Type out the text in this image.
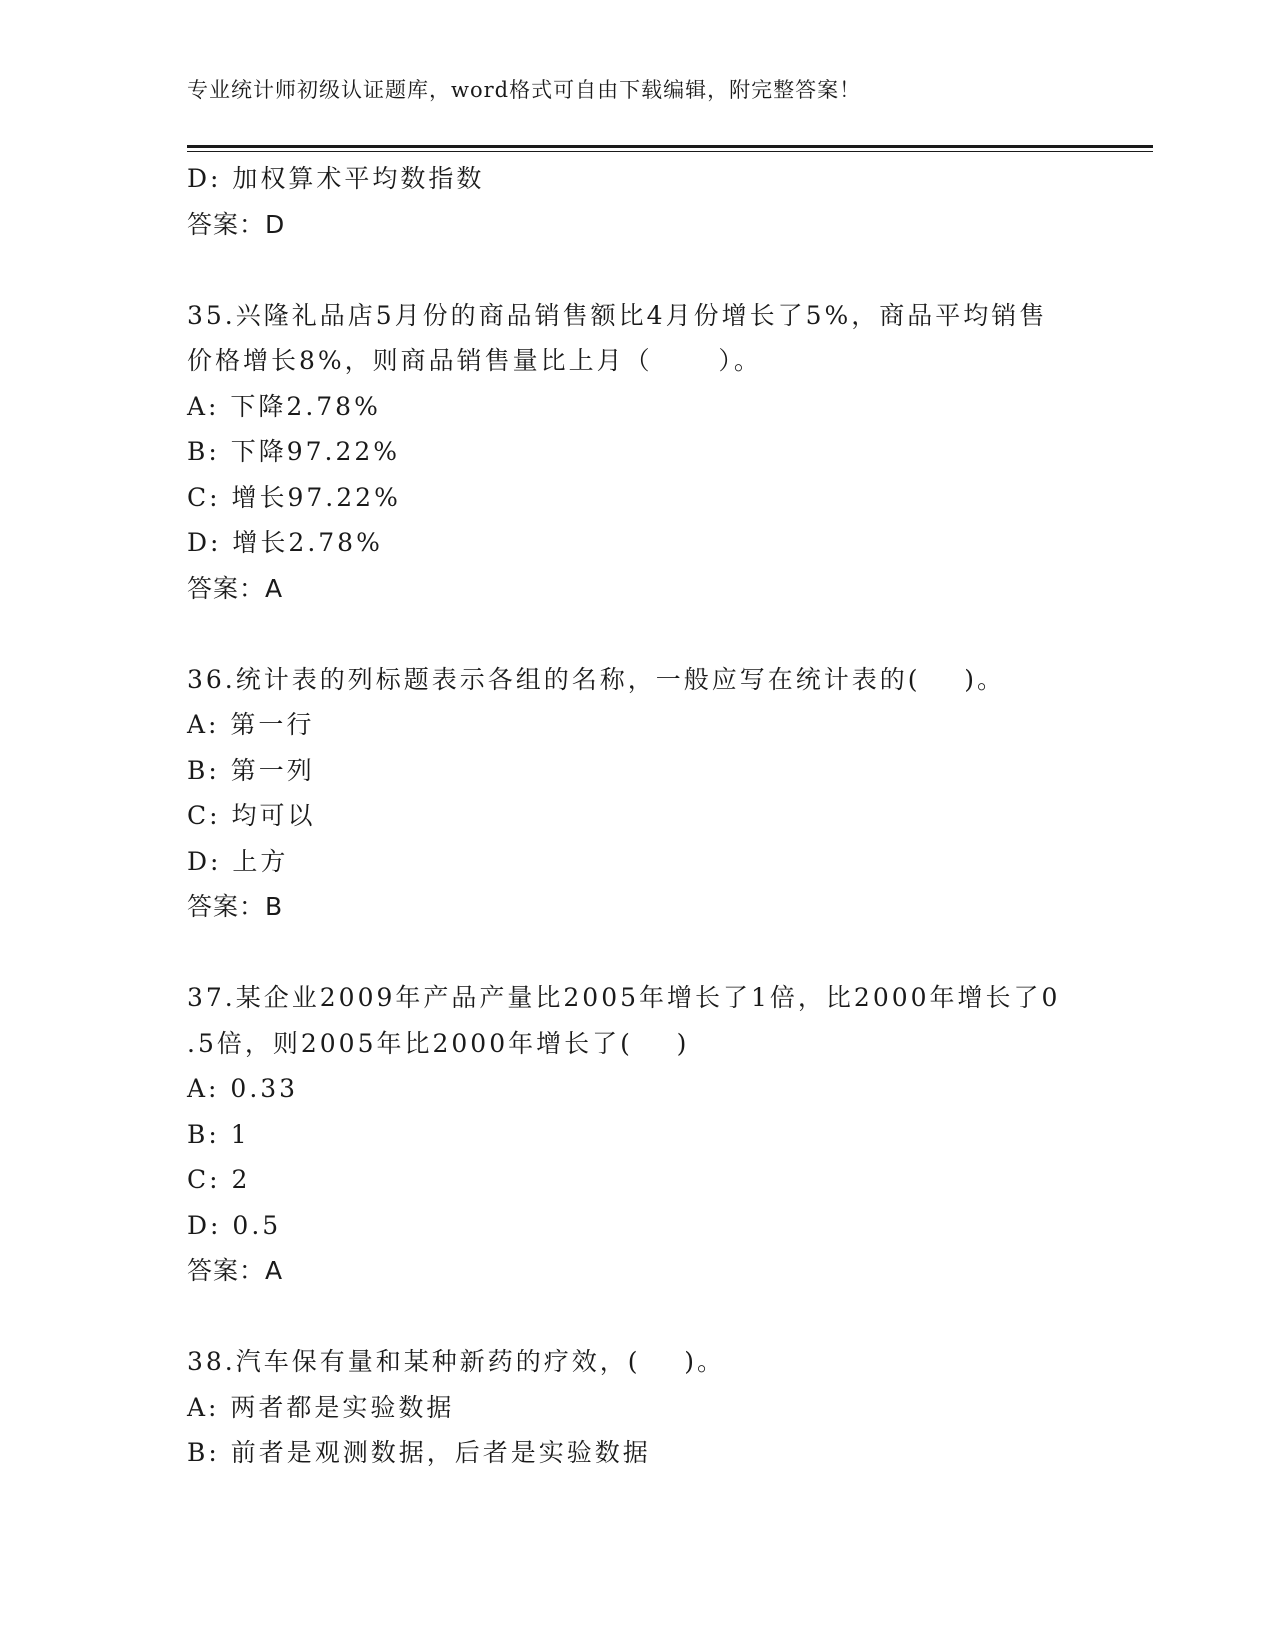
专业统计师初级认证题库，word格式可自由下载编辑，附完整答案！
D: 加权算术平均数指数
答案：D
35.兴隆礼品店5月份的商品销售额比4月份增长了5%，商品平均销售
价格增长8%，则商品销售量比上月（      ）。
A: 下降2.78%
B: 下降97.22%
C: 增长97.22%
D: 增长2.78%
答案：A
36.统计表的列标题表示各组的名称，一般应写在统计表的(    )。
A: 第一行
B: 第一列
C: 均可以
D: 上方
答案：B
37.某企业2009年产品产量比2005年增长了1倍，比2000年增长了0
.5倍，则2005年比2000年增长了(    )
A: 0.33
B: 1
C: 2
D: 0.5
答案：A
38.汽车保有量和某种新药的疗效，(    )。
A: 两者都是实验数据
B: 前者是观测数据，后者是实验数据
